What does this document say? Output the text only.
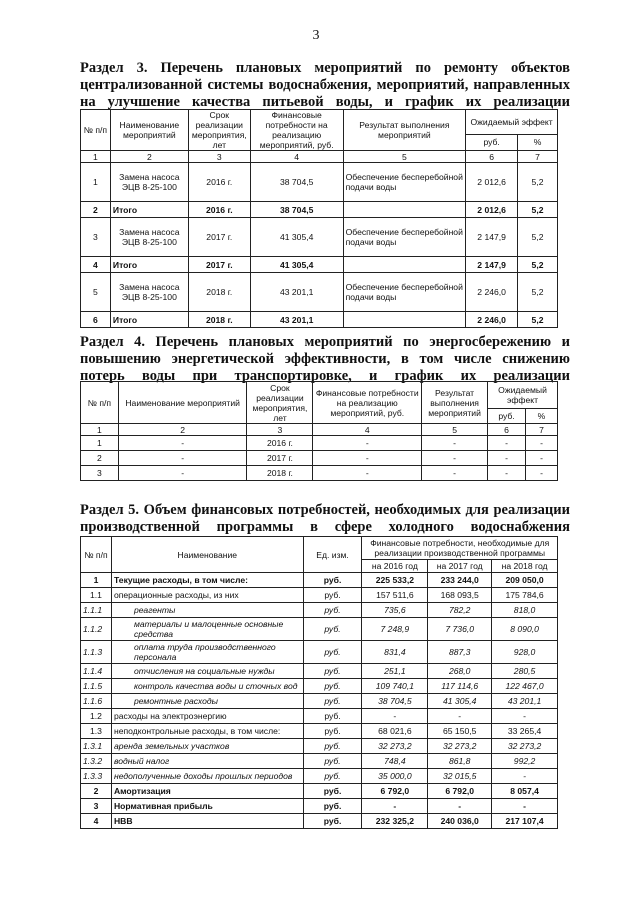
3
Раздел 3. Перечень плановых мероприятий по ремонту объектов централизованной системы водоснабжения, мероприятий, направленных на улучшение качества питьевой воды, и график их реализации
№ п/п	Наименование мероприятий	Срок реализации мероприятия, лет	Финансовые потребности на реализацию мероприятий, руб.	Результат выполнения мероприятий	Ожидаемый эффект	
					руб.	%
1	2	3	4	5	6	7
1	Замена насоса ЭЦВ 8-25-100	2016 г.	38 704,5	Обеспечение бесперебойной подачи воды	2 012,6	5,2
2	Итого	2016 г.	38 704,5		2 012,6	5,2
3	Замена насоса ЭЦВ 8-25-100	2017 г.	41 305,4	Обеспечение бесперебойной подачи воды	2 147,9	5,2
4	Итого	2017 г.	41 305,4		2 147,9	5,2
5	Замена насоса ЭЦВ 8-25-100	2018 г.	43 201,1	Обеспечение бесперебойной подачи воды	2 246,0	5,2
6	Итого	2018 г.	43 201,1		2 246,0	5,2
Раздел 4. Перечень плановых мероприятий по энергосбережению и повышению энергетической эффективности, в том числе снижению потерь воды при транспортировке, и график их реализации
№ п/п	Наименование мероприятий	Срок реализации мероприятия, лет	Финансовые потребности на реализацию мероприятий, руб.	Результат выполнения мероприятий	Ожидаемый эффект	
					руб.	%
1	2	3	4	5	6	7
1	-	2016 г.	-	-	-	-
2	-	2017 г.	-	-	-	-
3	-	2018 г.	-	-	-	-
Раздел 5. Объем финансовых потребностей, необходимых для реализации производственной программы в сфере холодного водоснабжения
№ п/п	Наименование	Ед. изм.	Финансовые потребности, необходимые для реализации производственной программы		
			на 2016 год	на 2017 год	на 2018 год
1	Текущие расходы, в том числе:	руб.	225 533,2	233 244,0	209 050,0
1.1	операционные расходы, из них	руб.	157 511,6	168 093,5	175 784,6
1.1.1	реагенты	руб.	735,6	782,2	818,0
1.1.2	материалы и малоценные основные средства	руб.	7 248,9	7 736,0	8 090,0
1.1.3	оплата труда производственного персонала	руб.	831,4	887,3	928,0
1.1.4	отчисления на социальные нужды	руб.	251,1	268,0	280,5
1.1.5	контроль качества воды и сточных вод	руб.	109 740,1	117 114,6	122 467,0
1.1.6	ремонтные расходы	руб.	38 704,5	41 305,4	43 201,1
1.2	расходы на электроэнергию	руб.	-	-	-
1.3	неподконтрольные расходы, в том числе:	руб.	68 021,6	65 150,5	33 265,4
1.3.1	аренда земельных участков	руб.	32 273,2	32 273,2	32 273,2
1.3.2	водный налог	руб.	748,4	861,8	992,2
1.3.3	недополученные доходы прошлых периодов	руб.	35 000,0	32 015,5	-
2	Амортизация	руб.	6 792,0	6 792,0	8 057,4
3	Нормативная прибыль	руб.	-	-	-
4	НВВ	руб.	232 325,2	240 036,0	217 107,4
